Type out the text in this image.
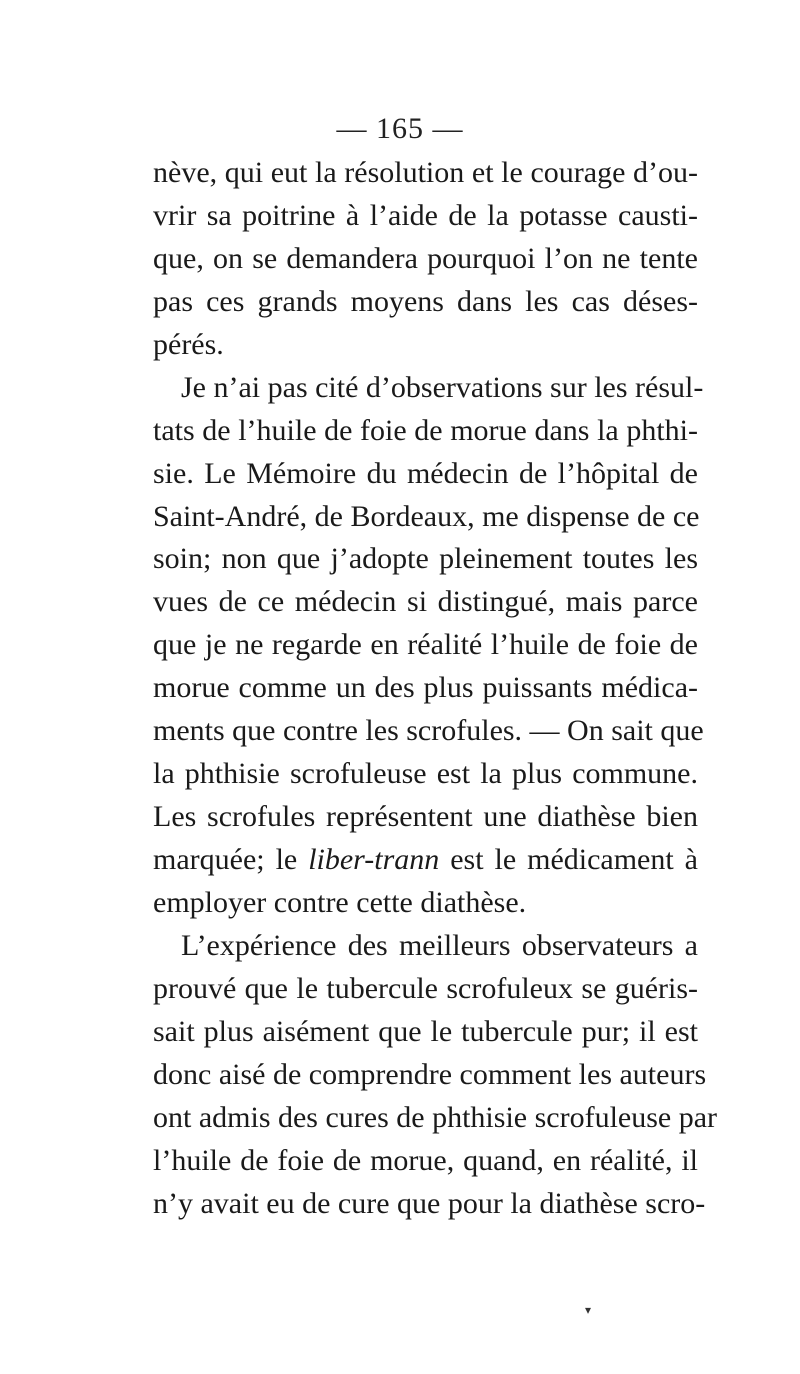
— 165 —
nève, qui eut la résolution et le courage d’ou-
vrir sa poitrine à l’aide de la potasse causti-
que, on se demandera pourquoi l’on ne tente
pas ces grands moyens dans les cas déses-
pérés.
Je n’ai pas cité d’observations sur les résul-
tats de l’huile de foie de morue dans la phthi-
sie. Le Mémoire du médecin de l’hôpital de
Saint-André, de Bordeaux, me dispense de ce
soin; non que j’adopte pleinement toutes les
vues de ce médecin si distingué, mais parce
que je ne regarde en réalité l’huile de foie de
morue comme un des plus puissants médica-
ments que contre les scrofules. — On sait que
la phthisie scrofuleuse est la plus commune.
Les scrofules représentent une diathèse bien
marquée; le liber-trann est le médicament à
employer contre cette diathèse.
L’expérience des meilleurs observateurs a
prouvé que le tubercule scrofuleux se guéris-
sait plus aisément que le tubercule pur; il est
donc aisé de comprendre comment les auteurs
ont admis des cures de phthisie scrofuleuse par
l’huile de foie de morue, quand, en réalité, il
n’y avait eu de cure que pour la diathèse scro-
▾
